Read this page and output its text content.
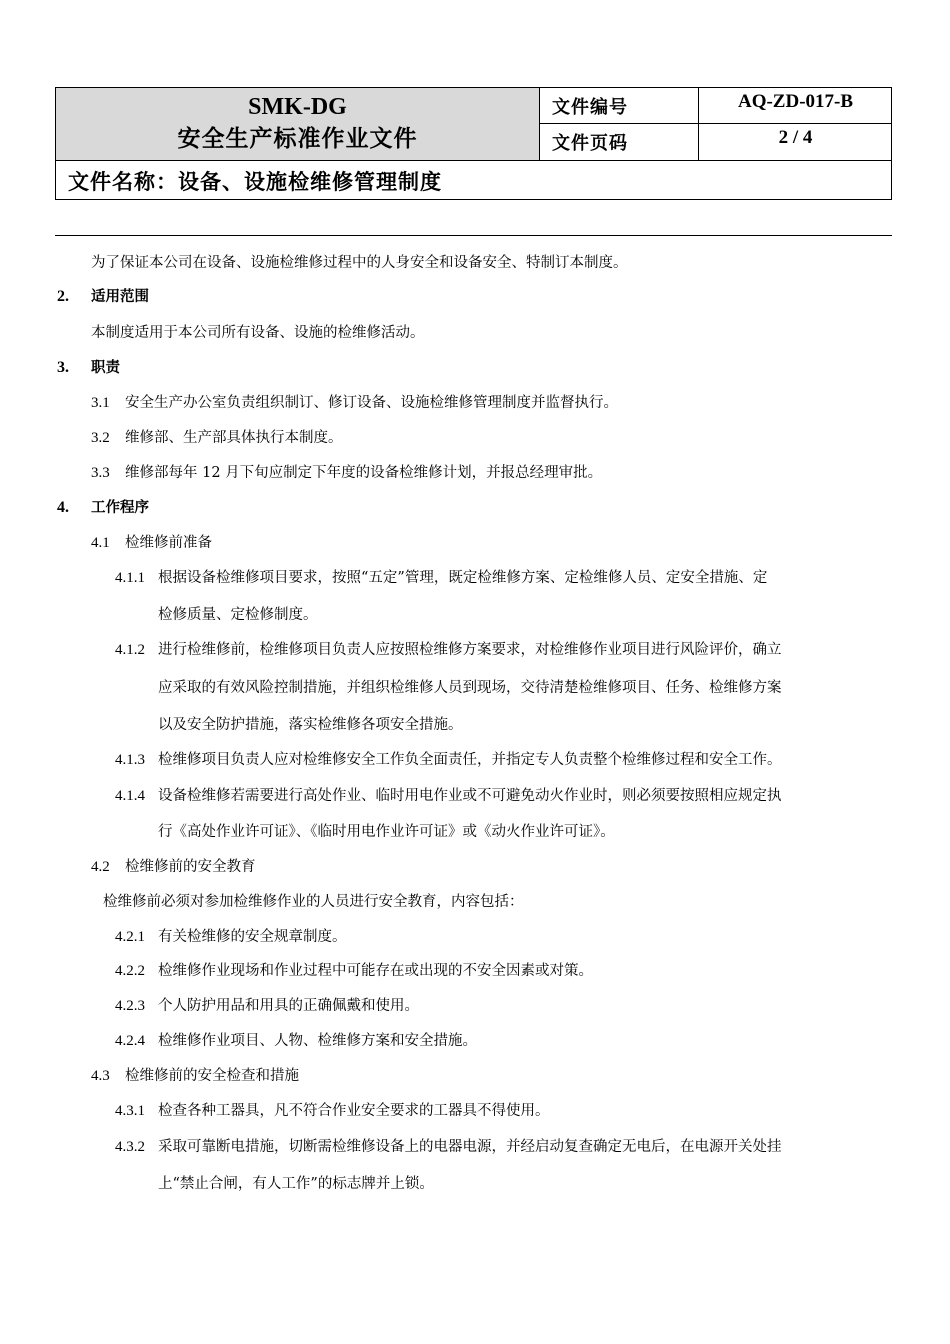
SMK-DG
安全生产标准作业文件
文件编号	AQ-ZD-017-B
文件页码	2 / 4
文件名称：设备、设施检维修管理制度
为了保证本公司在设备、设施检维修过程中的人身安全和设备安全、特制订本制度。
2. 适用范围
本制度适用于本公司所有设备、设施的检维修活动。
3. 职责
3.1 安全生产办公室负责组织制订、修订设备、设施检维修管理制度并监督执行。
3.2 维修部、生产部具体执行本制度。
3.3 维修部每年 12 月下旬应制定下年度的设备检维修计划，并报总经理审批。
4. 工作程序
4.1 检维修前准备
4.1.1 根据设备检维修项目要求，按照“五定”管理，既定检维修方案、定检维修人员、定安全措施、定
检修质量、定检修制度。
4.1.2 进行检维修前，检维修项目负责人应按照检维修方案要求，对检维修作业项目进行风险评价，确立
应采取的有效风险控制措施，并组织检维修人员到现场，交待清楚检维修项目、任务、检维修方案
以及安全防护措施，落实检维修各项安全措施。
4.1.3 检维修项目负责人应对检维修安全工作负全面责任，并指定专人负责整个检维修过程和安全工作。
4.1.4 设备检维修若需要进行高处作业、临时用电作业或不可避免动火作业时，则必须要按照相应规定执
行《高处作业许可证》、《临时用电作业许可证》或《动火作业许可证》。
4.2 检维修前的安全教育
检维修前必须对参加检维修作业的人员进行安全教育，内容包括：
4.2.1 有关检维修的安全规章制度。
4.2.2 检维修作业现场和作业过程中可能存在或出现的不安全因素或对策。
4.2.3 个人防护用品和用具的正确佩戴和使用。
4.2.4 检维修作业项目、人物、检维修方案和安全措施。
4.3 检维修前的安全检查和措施
4.3.1 检查各种工器具，凡不符合作业安全要求的工器具不得使用。
4.3.2 采取可靠断电措施，切断需检维修设备上的电器电源，并经启动复查确定无电后，在电源开关处挂
上“禁止合闸，有人工作”的标志牌并上锁。
